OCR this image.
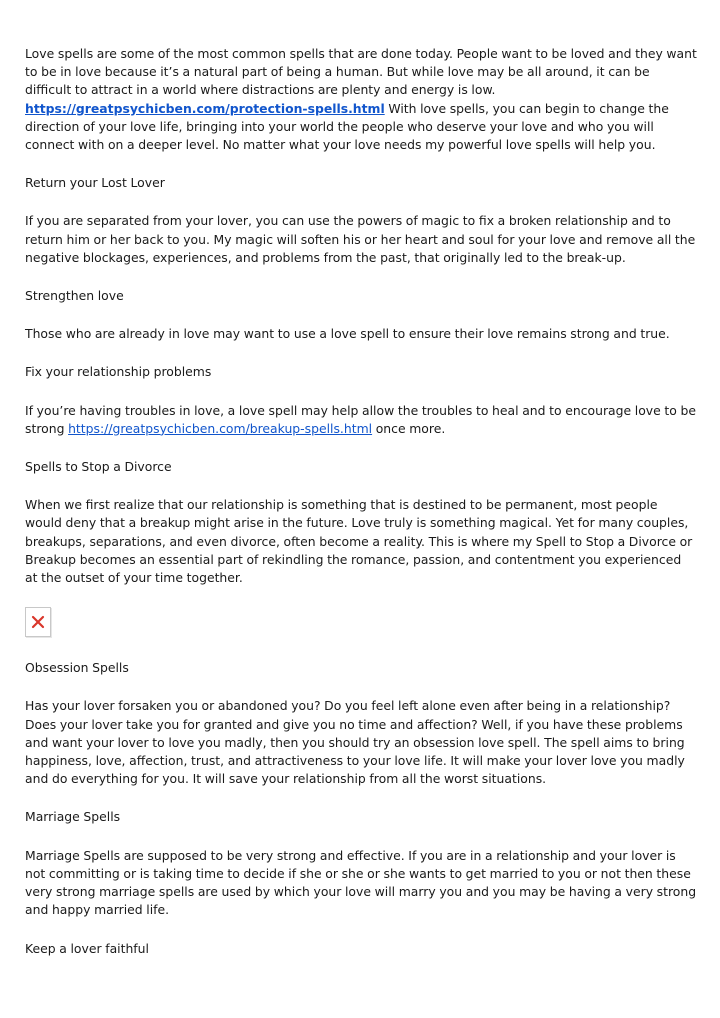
Love spells are some of the most common spells that are done today. People want to be loved and they want to be in love because it’s a natural part of being a human. But while love may be all around, it can be difficult to attract in a world where distractions are plenty and energy is low. https://greatpsychicben.com/protection-spells.html With love spells, you can begin to change the direction of your love life, bringing into your world the people who deserve your love and who you will connect with on a deeper level. No matter what your love needs my powerful love spells will help you.

Return your Lost Lover

If you are separated from your lover, you can use the powers of magic to fix a broken relationship and to return him or her back to you. My magic will soften his or her heart and soul for your love and remove all the negative blockages, experiences, and problems from the past, that originally led to the break-up.

Strengthen love

Those who are already in love may want to use a love spell to ensure their love remains strong and true.

Fix your relationship problems

If you’re having troubles in love, a love spell may help allow the troubles to heal and to encourage love to be strong https://greatpsychicben.com/breakup-spells.html once more.

Spells to Stop a Divorce

When we first realize that our relationship is something that is destined to be permanent, most people would deny that a breakup might arise in the future. Love truly is something magical. Yet for many couples, breakups, separations, and even divorce, often become a reality. This is where my Spell to Stop a Divorce or Breakup becomes an essential part of rekindling the romance, passion, and contentment you experienced at the outset of your time together.

Obsession Spells

Has your lover forsaken you or abandoned you? Do you feel left alone even after being in a relationship? Does your lover take you for granted and give you no time and affection? Well, if you have these problems and want your lover to love you madly, then you should try an obsession love spell. The spell aims to bring happiness, love, affection, trust, and attractiveness to your love life. It will make your lover love you madly and do everything for you. It will save your relationship from all the worst situations.

Marriage Spells

Marriage Spells are supposed to be very strong and effective. If you are in a relationship and your lover is not committing or is taking time to decide if she or she or she wants to get married to you or not then these very strong marriage spells are used by which your love will marry you and you may be having a very strong and happy married life.

Keep a lover faithful
